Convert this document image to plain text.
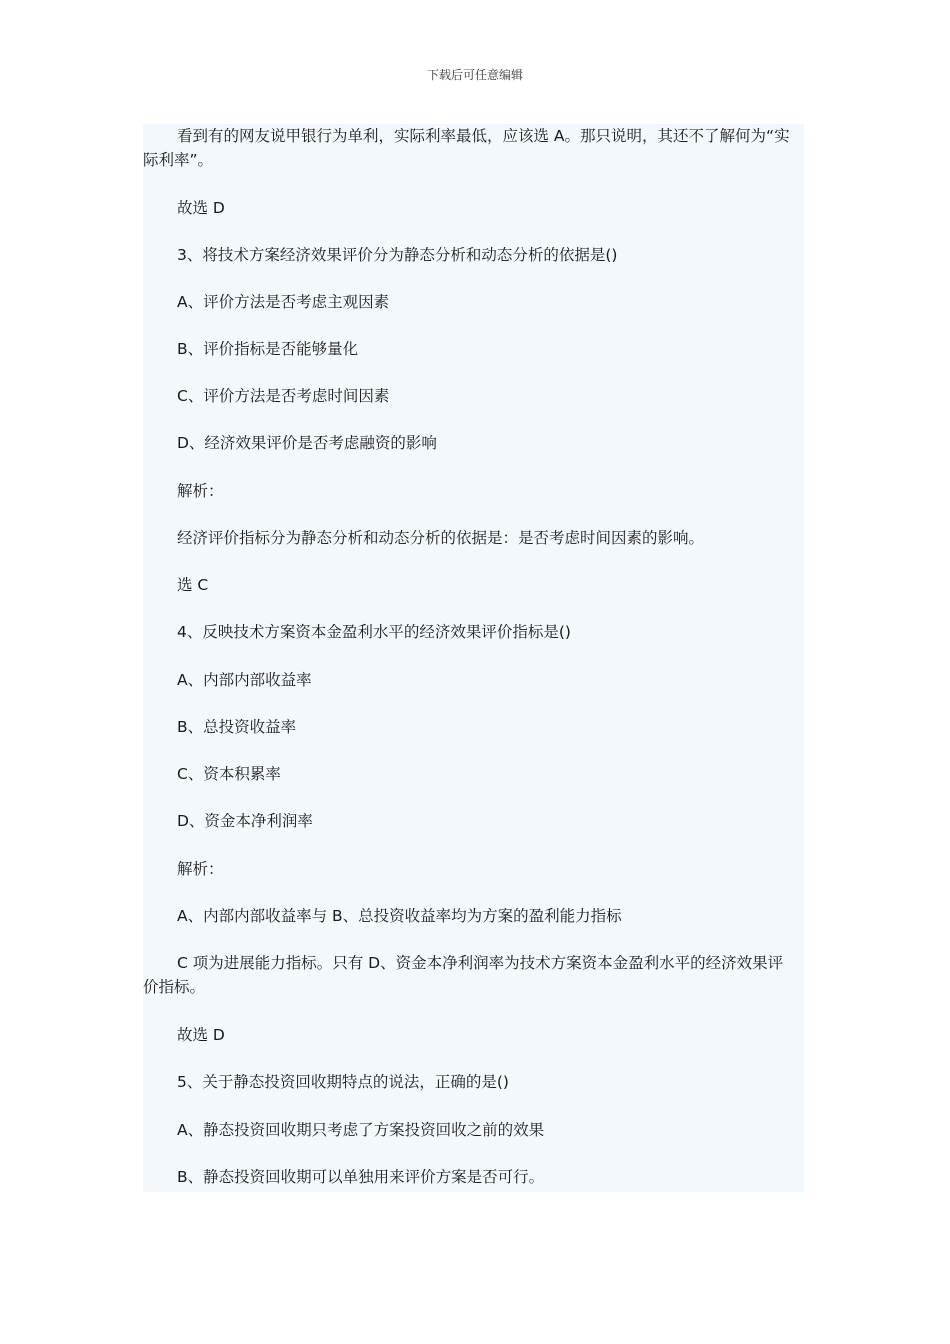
下载后可任意编辑

看到有的网友说甲银行为单利，实际利率最低，应该选 A。那只说明，其还不了解何为“实际利率”。

故选 D

3、将技术方案经济效果评价分为静态分析和动态分析的依据是()

A、评价方法是否考虑主观因素

B、评价指标是否能够量化

C、评价方法是否考虑时间因素

D、经济效果评价是否考虑融资的影响

解析：

经济评价指标分为静态分析和动态分析的依据是：是否考虑时间因素的影响。

选 C

4、反映技术方案资本金盈利水平的经济效果评价指标是()

A、内部内部收益率

B、总投资收益率

C、资本积累率

D、资金本净利润率

解析：

A、内部内部收益率与 B、总投资收益率均为方案的盈利能力指标

C 项为进展能力指标。只有 D、资金本净利润率为技术方案资本金盈利水平的经济效果评价指标。

故选 D

5、关于静态投资回收期特点的说法，正确的是()

A、静态投资回收期只考虑了方案投资回收之前的效果

B、静态投资回收期可以单独用来评价方案是否可行。
